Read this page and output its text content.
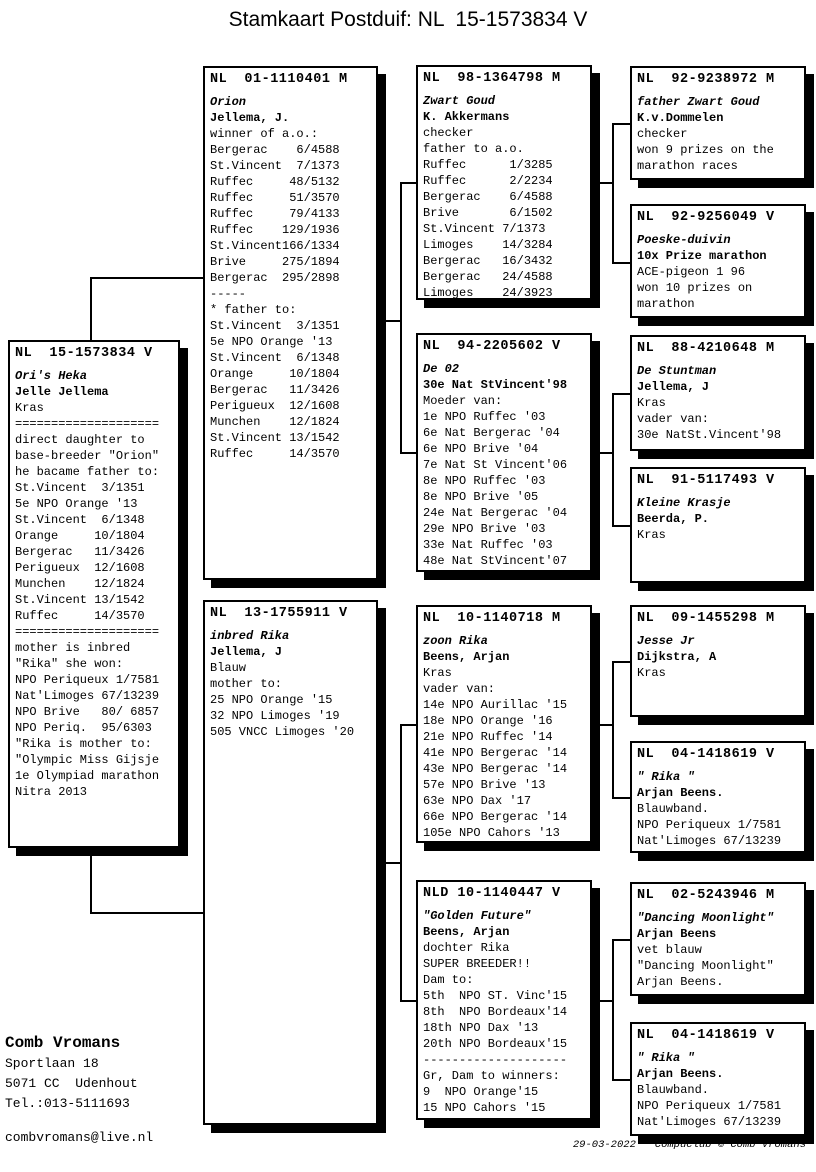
Stamkaart Postduif: NL  15-1573834 V
NL  15-1573834 V
Ori's Heka
Jelle Jellema
Kras
====================
direct daughter to
base-breeder "Orion"
he bacame father to:
St.Vincent  3/1351
5e NPO Orange '13
St.Vincent  6/1348
Orange     10/1804
Bergerac   11/3426
Perigueux  12/1608
Munchen    12/1824
St.Vincent 13/1542
Ruffec     14/3570
====================
mother is inbred
"Rika" she won:
NPO Periqueux 1/7581
Nat'Limoges 67/13239
NPO Brive   80/ 6857
NPO Periq.  95/6303
"Rika is mother to:
"Olympic Miss Gijsje
1e Olympiad marathon
Nitra 2013
NL  01-1110401 M
Orion
Jellema, J.
winner of a.o.:
Bergerac    6/4588
St.Vincent  7/1373
Ruffec     48/5132
Ruffec     51/3570
Ruffec     79/4133
Ruffec    129/1936
St.Vincent166/1334
Brive     275/1894
Bergerac  295/2898
-----
* father to:
St.Vincent  3/1351
5e NPO Orange '13
St.Vincent  6/1348
Orange     10/1804
Bergerac   11/3426
Perigueux  12/1608
Munchen    12/1824
St.Vincent 13/1542
Ruffec     14/3570
NL  13-1755911 V
inbred Rika
Jellema, J
Blauw
mother to:
25 NPO Orange '15
32 NPO Limoges '19
505 VNCC Limoges '20
NL  98-1364798 M
Zwart Goud
K. Akkermans
checker
father to a.o.
Ruffec      1/3285
Ruffec      2/2234
Bergerac    6/4588
Brive       6/1502
St.Vincent 7/1373
Limoges    14/3284
Bergerac   16/3432
Bergerac   24/4588
Limoges    24/3923
NL  94-2205602 V
De 02
30e Nat StVincent'98
Moeder van:
1e NPO Ruffec '03
6e Nat Bergerac '04
6e NPO Brive '04
7e Nat St Vincent'06
8e NPO Ruffec '03
8e NPO Brive '05
24e Nat Bergerac '04
29e NPO Brive '03
33e Nat Ruffec '03
48e Nat StVincent'07
NL  10-1140718 M
zoon Rika
Beens, Arjan
Kras
vader van:
14e NPO Aurillac '15
18e NPO Orange '16
21e NPO Ruffec '14
41e NPO Bergerac '14
43e NPO Bergerac '14
57e NPO Brive '13
63e NPO Dax '17
66e NPO Bergerac '14
105e NPO Cahors '13
NLD 10-1140447 V
"Golden Future"
Beens, Arjan
dochter Rika
SUPER BREEDER!!
Dam to:
5th  NPO ST. Vinc'15
8th  NPO Bordeaux'14
18th NPO Dax '13
20th NPO Bordeaux'15
--------------------
Gr, Dam to winners:
9  NPO Orange'15
15 NPO Cahors '15
NL  92-9238972 M
father Zwart Goud
K.v.Dommelen
checker
won 9 prizes on the
marathon races
NL  92-9256049 V
Poeske-duivin
10x Prize marathon
ACE-pigeon 1 96
won 10 prizes on
marathon
NL  88-4210648 M
De Stuntman
Jellema, J
Kras
vader van:
30e NatSt.Vincent'98
NL  91-5117493 V
Kleine Krasje
Beerda, P.
Kras
NL  09-1455298 M
Jesse Jr
Dijkstra, A
Kras
NL  04-1418619 V
" Rika "
Arjan Beens.
Blauwband.
NPO Periqueux 1/7581
Nat'Limoges 67/13239
NL  02-5243946 M
"Dancing Moonlight"
Arjan Beens
vet blauw
"Dancing Moonlight"
Arjan Beens.
NL  04-1418619 V
" Rika "
Arjan Beens.
Blauwband.
NPO Periqueux 1/7581
Nat'Limoges 67/13239
Comb Vromans
Sportlaan 18
5071 CC  Udenhout
Tel.:013-5111693
combvromans@live.nl	29-03-2022   Compuclub © Comb Vromans
